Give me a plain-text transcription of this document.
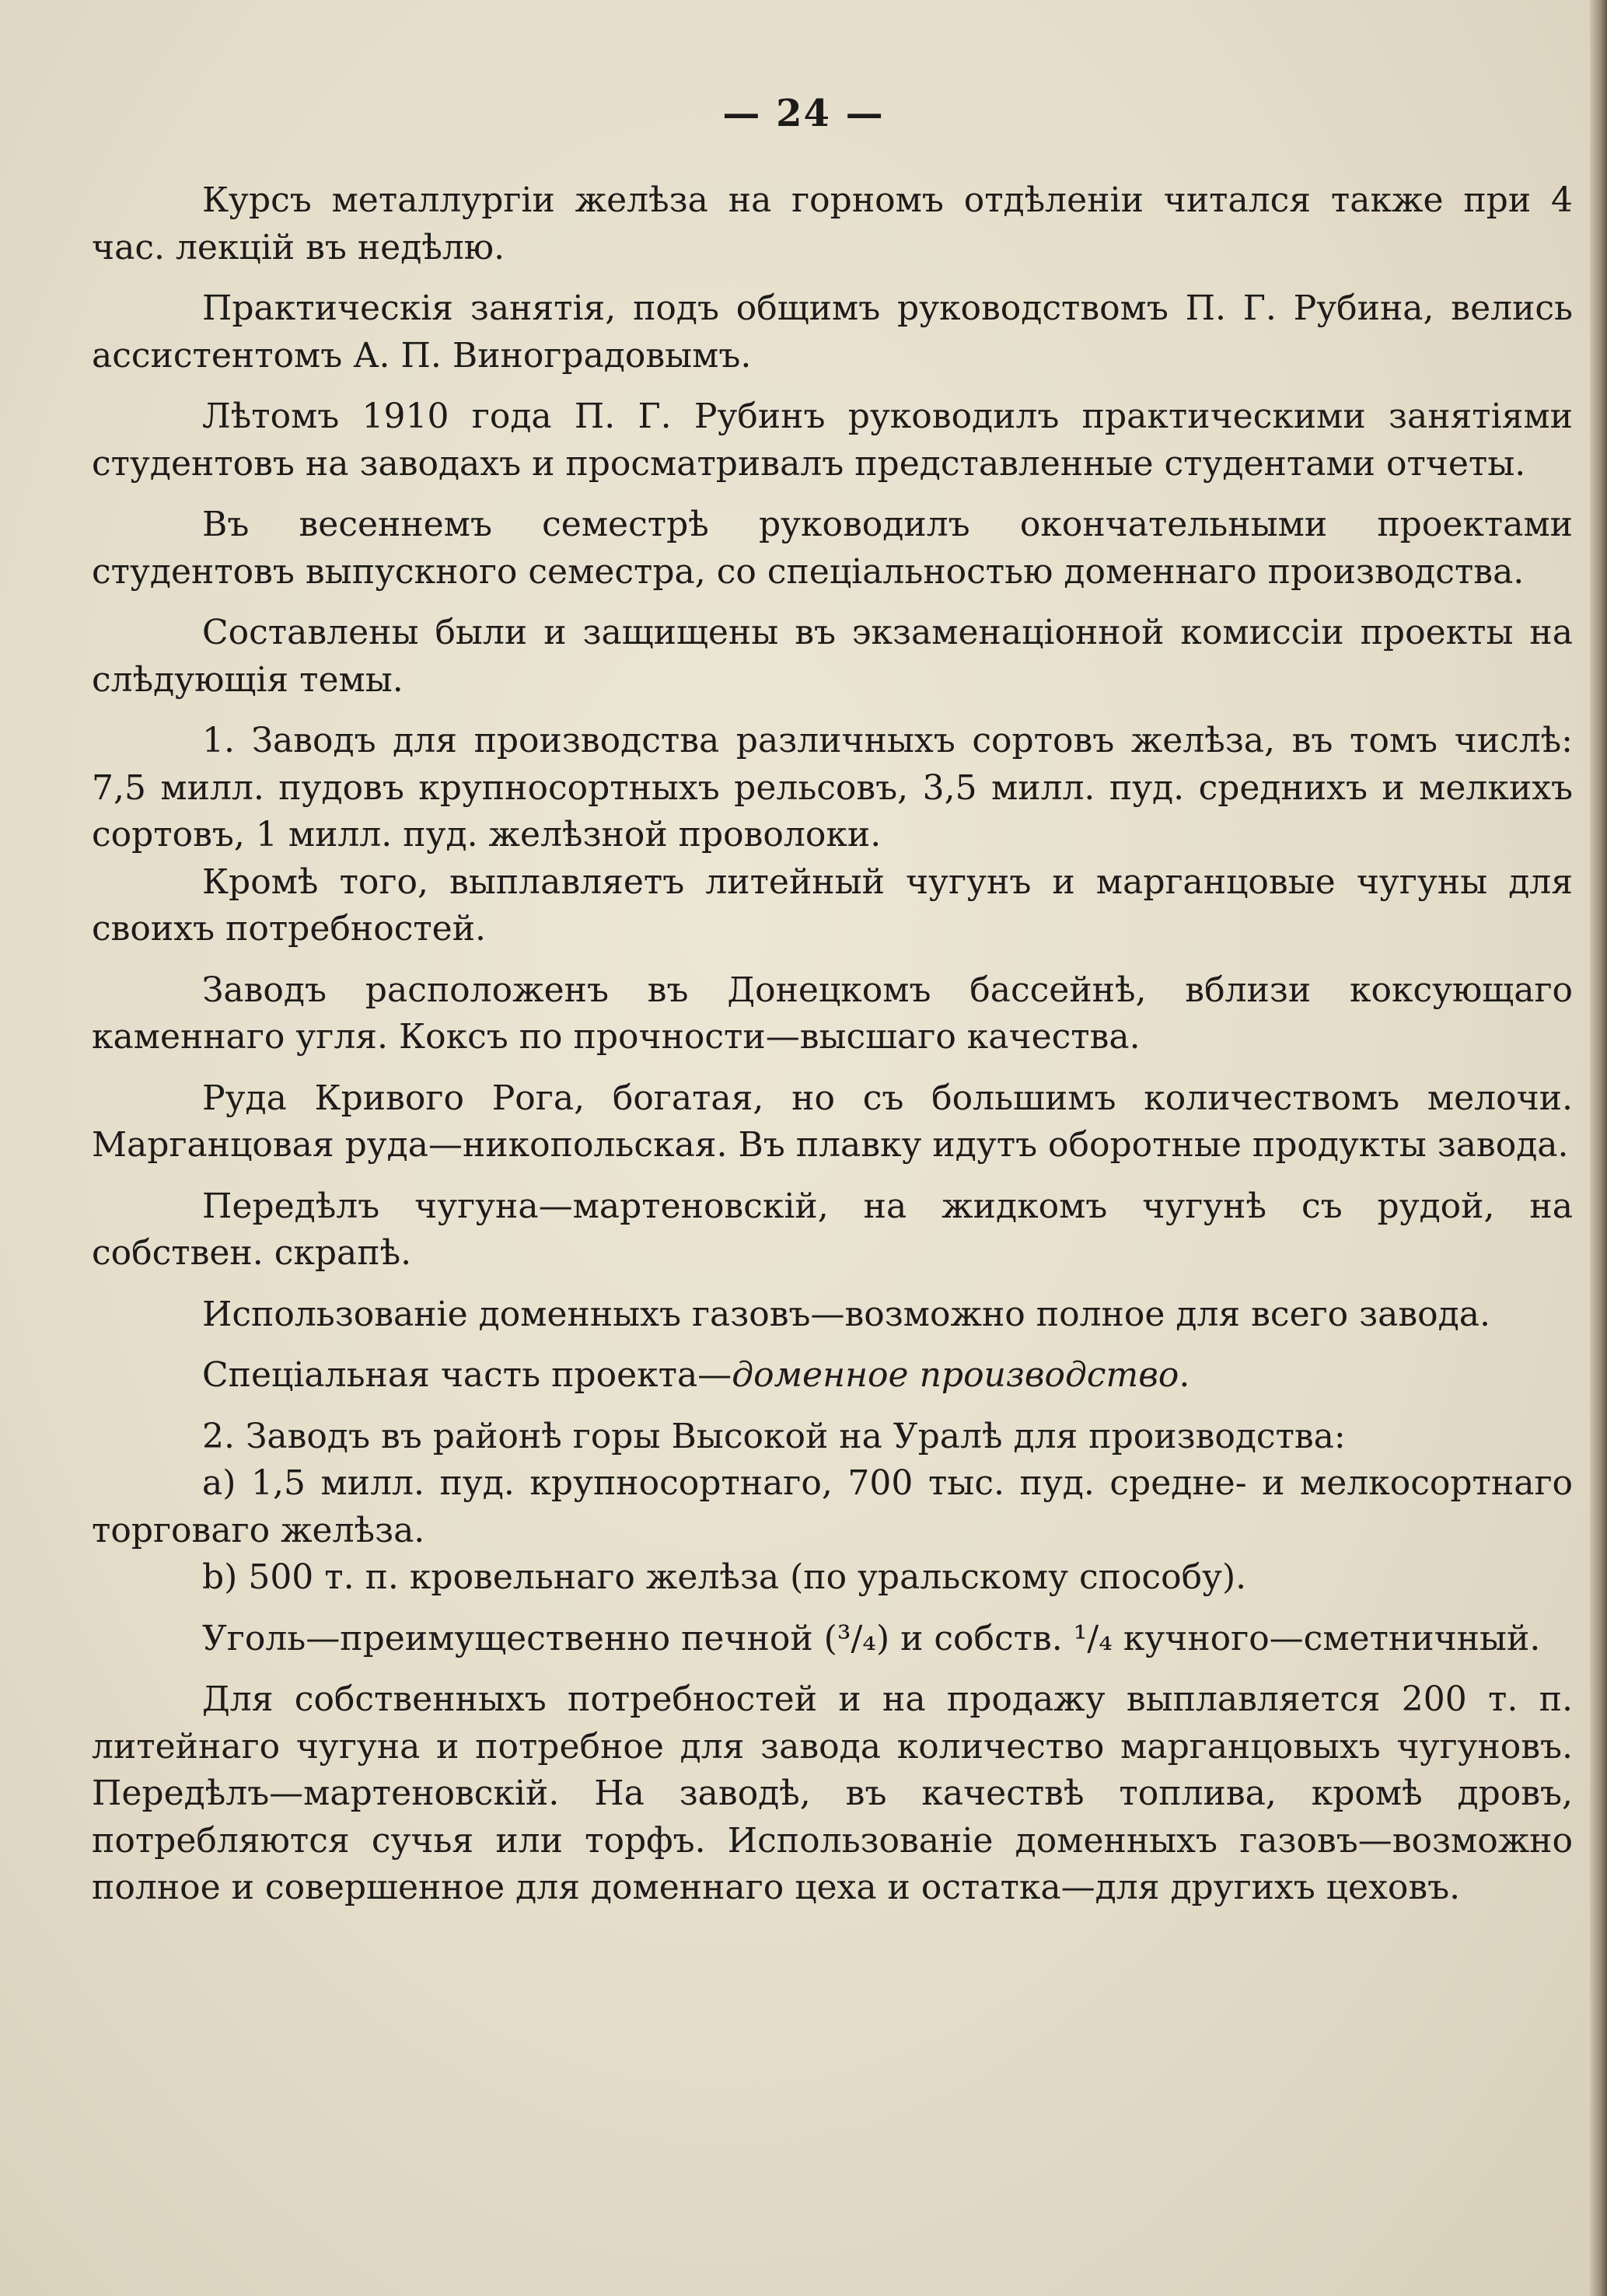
— 24 —

Курсъ металлургiи желѣза на горномъ отдѣленiи читался также при 4 час. лекцiй въ недѣлю.

Практическiя занятiя, подъ общимъ руководствомъ П. Г. Рубина, велись ассистентомъ А. П. Виноградовымъ.

Лѣтомъ 1910 года П. Г. Рубинъ руководилъ практическими занятiями студентовъ на заводахъ и просматривалъ представленные студентами отчеты.

Въ весеннемъ семестрѣ руководилъ окончательными проектами студентовъ выпускного семестра, со спецiальностью доменнаго производства.

Составлены были и защищены въ экзаменацiонной комиссiи проекты на слѣдующiя темы.

1. Заводъ для производства различныхъ сортовъ желѣза, въ томъ числѣ: 7,5 милл. пудовъ крупносортныхъ рельсовъ, 3,5 милл. пуд. среднихъ и мелкихъ сортовъ, 1 милл. пуд. желѣзной проволоки.

Кромѣ того, выплавляетъ литейный чугунъ и марганцовые чугуны для своихъ потребностей.

Заводъ расположенъ въ Донецкомъ бассейнѣ, вблизи коксующаго каменнаго угля. Коксъ по прочности—высшаго качества.

Руда Кривого Рога, богатая, но съ большимъ количествомъ мелочи. Марганцовая руда—никопольская. Въ плавку идутъ оборотные продукты завода.

Передѣлъ чугуна—мартеновскiй, на жидкомъ чугунѣ съ рудой, на собствен. скрапѣ.

Использованiе доменныхъ газовъ—возможно полное для всего завода.

Спецiальная часть проекта—доменное производство.

2. Заводъ въ районѣ горы Высокой на Уралѣ для производства:

а) 1,5 милл. пуд. крупносортнаго, 700 тыс. пуд. средне- и мелкосортнаго торговаго желѣза.

b) 500 т. п. кровельнаго желѣза (по уральскому способу).

Уголь—преимущественно печной (³/₄) и собств. ¹/₄ кучного—сметничный.

Для собственныхъ потребностей и на продажу выплавляется 200 т. п. литейнаго чугуна и потребное для завода количество марганцовыхъ чугуновъ. Передѣлъ—мартеновскiй. На заводѣ, въ качествѣ топлива, кромѣ дровъ, потребляются сучья или торфъ. Использованiе доменныхъ газовъ—возможно полное и совершенное для доменнаго цеха и остатка—для другихъ цеховъ.
